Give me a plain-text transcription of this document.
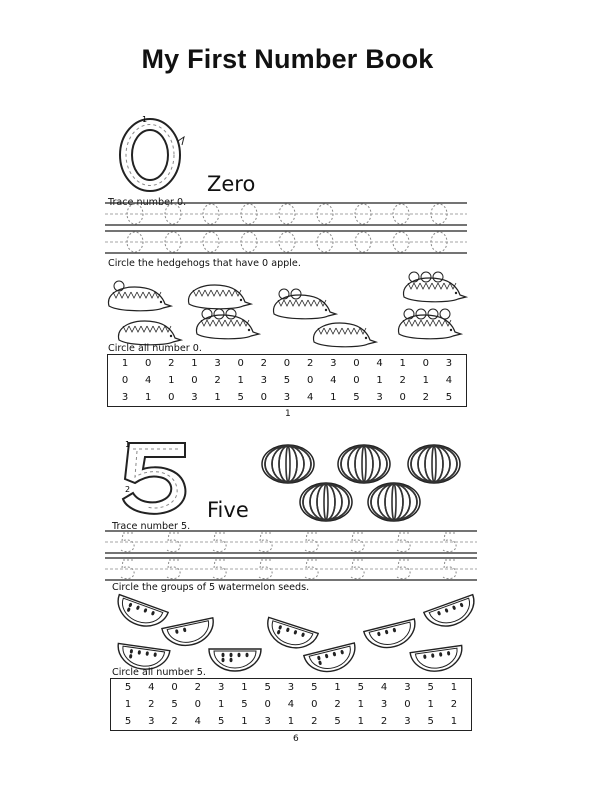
My First Number Book
1
Zero
Trace number 0.
Circle the hedgehogs that have 0 apple.
Circle all number 0.
1	0	2	1	3	0	2	0	2	3	0	4	1	0	3
0	4	1	0	2	1	3	5	0	4	0	1	2	1	4
3	1	0	3	1	5	0	3	4	1	5	3	0	2	5
1
2
1
Five
Trace number 5.
Circle the groups of 5 watermelon seeds.
Circle all number 5.
5	4	0	2	3	1	5	3	5	1	5	4	3	5	1
1	2	5	0	1	5	0	4	0	2	1	3	0	1	2
5	3	2	4	5	1	3	1	2	5	1	2	3	5	1
6
